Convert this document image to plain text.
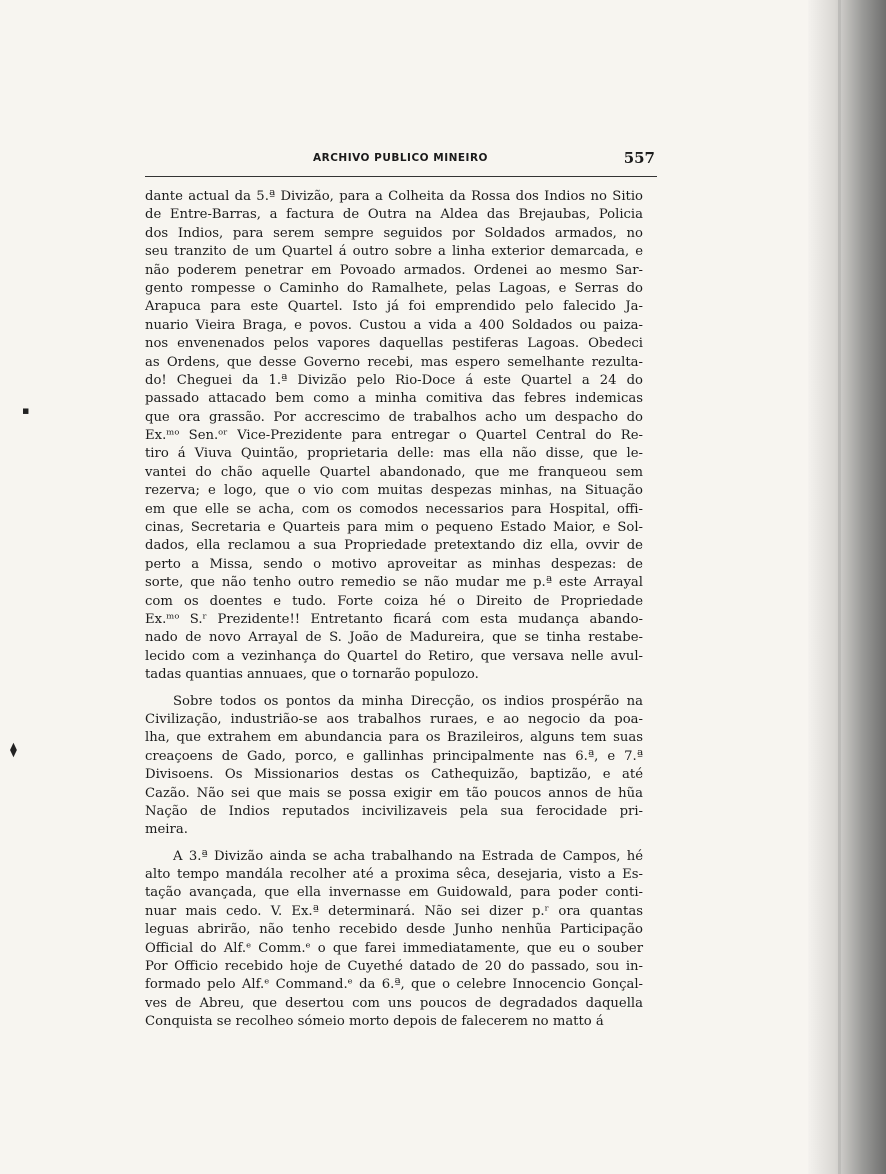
ARCHIVO PUBLICO MINEIRO	557
▪
⧫
dante actual da 5.ª Divizão, para a Colheita da Rossa dos Indios no Sitio
de Entre-Barras, a factura de Outra na Aldea das Brejaubas, Policia
dos Indios, para serem sempre seguidos por Soldados armados, no
seu tranzito de um Quartel á outro sobre a linha exterior demarcada, e
não poderem penetrar em Povoado armados. Ordenei ao mesmo Sar-
gento rompesse o Caminho do Ramalhete, pelas Lagoas, e Serras do
Arapuca para este Quartel. Isto já foi emprendido pelo falecido Ja-
nuario Vieira Braga, e povos. Custou a vida a 400 Soldados ou paiza-
nos envenenados pelos vapores daquellas pestiferas Lagoas. Obedeci
as Ordens, que desse Governo recebi, mas espero semelhante rezulta-
do! Cheguei da 1.ª Divizão pelo Rio-Doce á este Quartel a 24 do
passado attacado bem como a minha comitiva das febres indemicas
que ora grassão. Por accrescimo de trabalhos acho um despacho do
Ex.ᵐᵒ Sen.ᵒʳ Vice-Prezidente para entregar o Quartel Central do Re-
tiro á Viuva Quintão, proprietaria delle: mas ella não disse, que le-
vantei do chão aquelle Quartel abandonado, que me franqueou sem
rezerva; e logo, que o vio com muitas despezas minhas, na Situação
em que elle se acha, com os comodos necessarios para Hospital, offi-
cinas, Secretaria e Quarteis para mim o pequeno Estado Maior, e Sol-
dados, ella reclamou a sua Propriedade pretextando diz ella, ovvir de
perto a Missa, sendo o motivo aproveitar as minhas despezas: de
sorte, que não tenho outro remedio se não mudar me p.ª este Arrayal
com os doentes e tudo. Forte coiza hé o Direito de Propriedade
Ex.ᵐᵒ S.ʳ Prezidente!! Entretanto ficará com esta mudança abando-
nado de novo Arrayal de S. João de Madureira, que se tinha restabe-
lecido com a vezinhança do Quartel do Retiro, que versava nelle avul-
tadas quantias annuaes, que o tornarão populozo.
Sobre todos os pontos da minha Direcção, os indios prospérão na
Civilização, industrião-se aos trabalhos ruraes, e ao negocio da poa-
lha, que extrahem em abundancia para os Brazileiros, alguns tem suas
creaçoens de Gado, porco, e gallinhas principalmente nas 6.ª, e 7.ª
Divisoens. Os Missionarios destas os Cathequizão, baptizão, e até
Cazão. Não sei que mais se possa exigir em tão poucos annos de hũa
Nação de Indios reputados incivilizaveis pela sua ferocidade pri-
meira.
A 3.ª Divizão ainda se acha trabalhando na Estrada de Campos, hé
alto tempo mandála recolher até a proxima sêca, desejaria, visto a Es-
tação avançada, que ella invernasse em Guidowald, para poder conti-
nuar mais cedo. V. Ex.ª determinará. Não sei dizer p.ʳ ora quantas
leguas abrirão, não tenho recebido desde Junho nenhũa Participação
Official do Alf.ᵉ Comm.ᵉ o que farei immediatamente, que eu o souber
Por Officio recebido hoje de Cuyethé datado de 20 do passado, sou in-
formado pelo Alf.ᵉ Command.ᵉ da 6.ª, que o celebre Innocencio Gonçal-
ves de Abreu, que desertou com uns poucos de degradados daquella
Conquista se recolheo sómeio morto depois de falecerem no matto á
